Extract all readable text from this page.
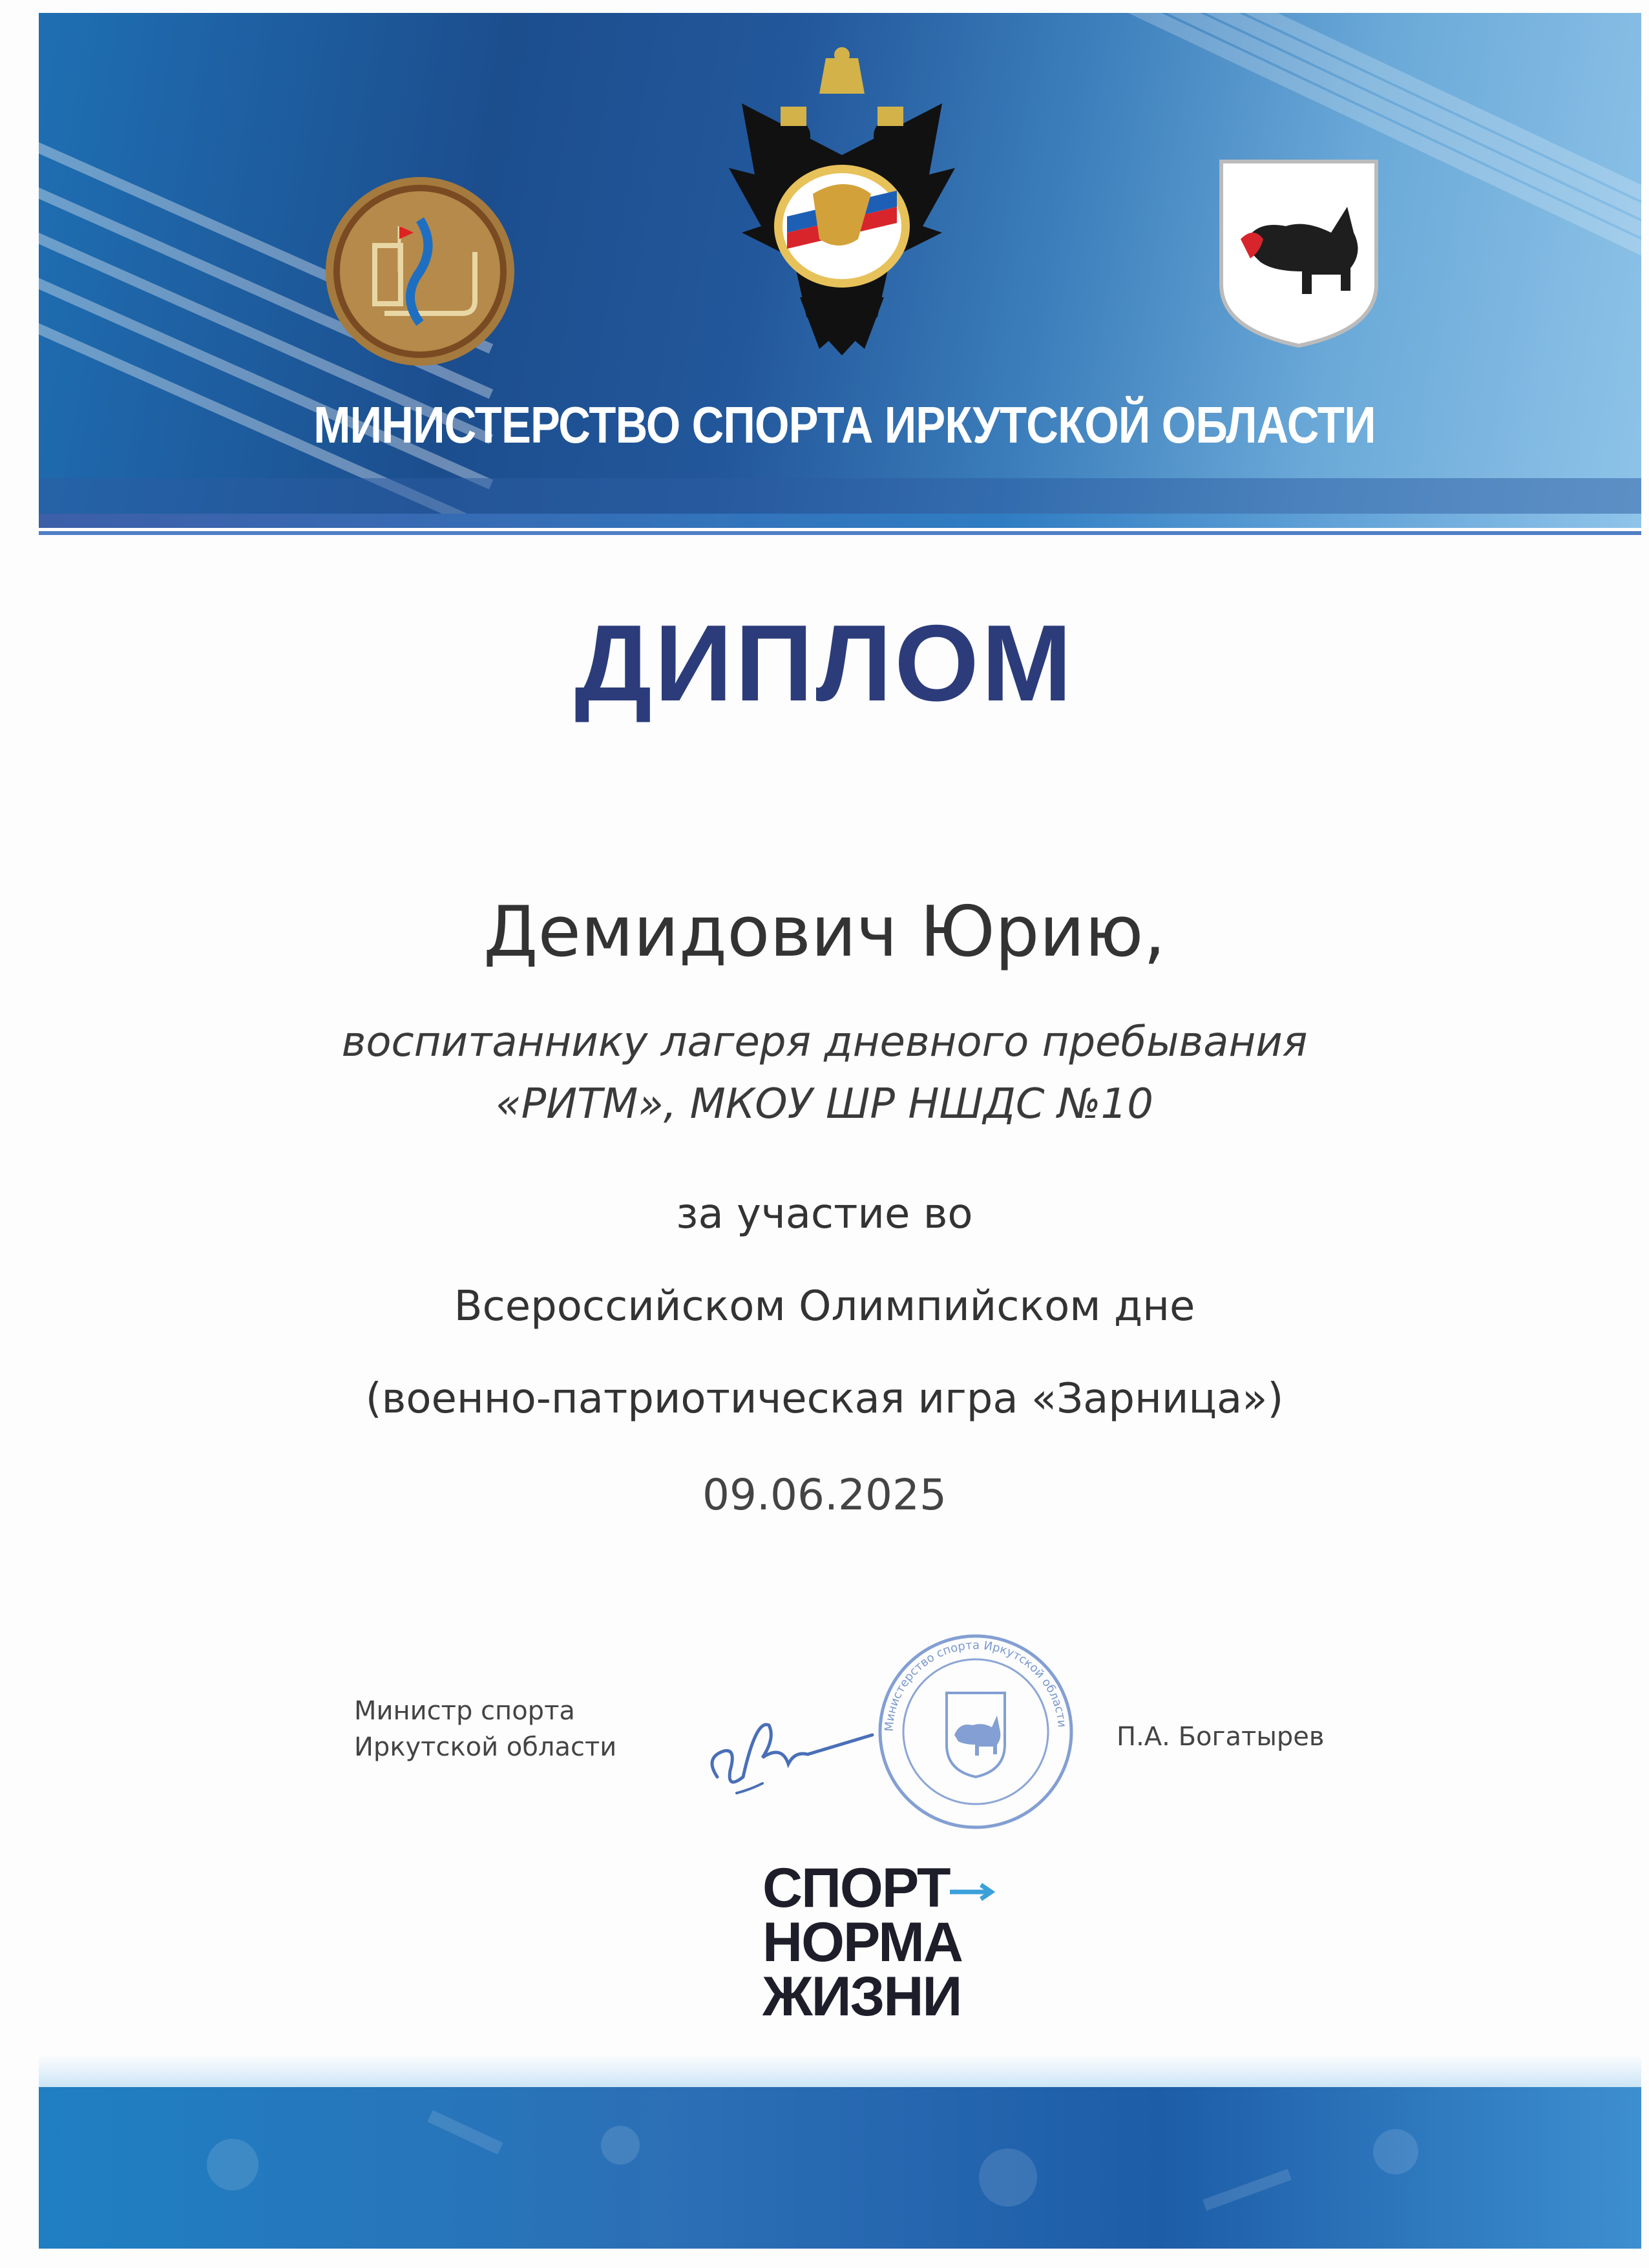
МИНИСТЕРСТВО СПОРТА ИРКУТСКОЙ ОБЛАСТИ
ДИПЛОМ
Демидович Юрию,
воспитаннику лагеря дневного пребывания
«РИТМ», МКОУ ШР НШДС №10
за участие во
Всероссийском Олимпийском дне
(военно-патриотическая игра «Зарница»)
09.06.2025
Министр спорта
Иркутской области
Министерство спорта Иркутской области П.А. Богатырев
СПОРТ
НОРМА
ЖИЗНИ
